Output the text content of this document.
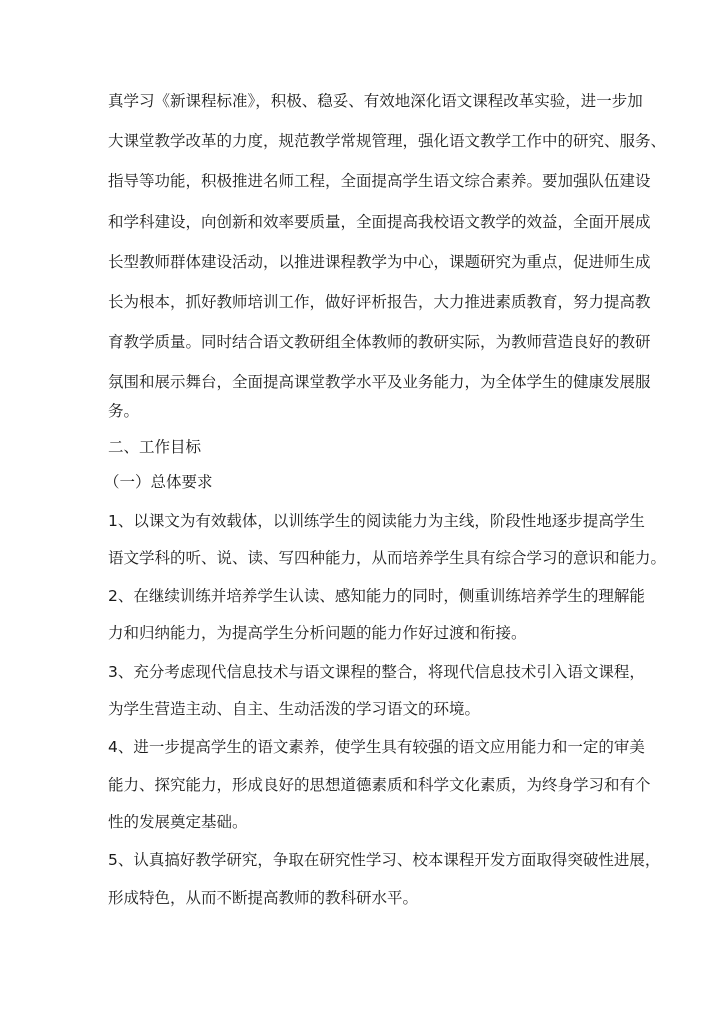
真学习《新课程标准》，积极、稳妥、有效地深化语文课程改革实验，进一步加
大课堂教学改革的力度，规范教学常规管理，强化语文教学工作中的研究、服务、
指导等功能，积极推进名师工程，全面提高学生语文综合素养。要加强队伍建设
和学科建设，向创新和效率要质量，全面提高我校语文教学的效益，全面开展成
长型教师群体建设活动，以推进课程教学为中心，课题研究为重点，促进师生成
长为根本，抓好教师培训工作，做好评析报告，大力推进素质教育，努力提高教
育教学质量。同时结合语文教研组全体教师的教研实际，为教师营造良好的教研
氛围和展示舞台，全面提高课堂教学水平及业务能力，为全体学生的健康发展服
务。
二、工作目标
（一）总体要求
1、以课文为有效载体，以训练学生的阅读能力为主线，阶段性地逐步提高学生
语文学科的听、说、读、写四种能力，从而培养学生具有综合学习的意识和能力。
2、在继续训练并培养学生认读、感知能力的同时，侧重训练培养学生的理解能
力和归纳能力，为提高学生分析问题的能力作好过渡和衔接。
3、充分考虑现代信息技术与语文课程的整合，将现代信息技术引入语文课程，
为学生营造主动、自主、生动活泼的学习语文的环境。
4、进一步提高学生的语文素养，使学生具有较强的语文应用能力和一定的审美
能力、探究能力，形成良好的思想道德素质和科学文化素质，为终身学习和有个
性的发展奠定基础。
5、认真搞好教学研究，争取在研究性学习、校本课程开发方面取得突破性进展，
形成特色，从而不断提高教师的教科研水平。
